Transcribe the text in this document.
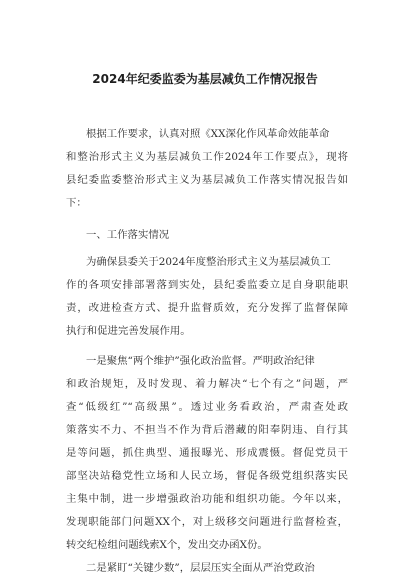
2024年纪委监委为基层减负工作情况报告
根据工作要求，认真对照《XX深化作风革命效能革命
和整治形式主义为基层减负工作2024年工作要点》，现将
县纪委监委整治形式主义为基层减负工作落实情况报告如
下：
一、工作落实情况
为确保县委关于2024年度整治形式主义为基层减负工
作的各项安排部署落到实处，县纪委监委立足自身职能职
责，改进检查方式、提升监督质效，充分发挥了监督保障
执行和促进完善发展作用。
一是聚焦“两个维护”强化政治监督。严明政治纪律
和政治规矩，及时发现、着力解决“七个有之”问题，严
查“低级红”“高级黑”。透过业务看政治，严肃查处政
策落实不力、不担当不作为背后潜藏的阳奉阴违、自行其
是等问题，抓住典型、通报曝光、形成震慑。督促党员干
部坚决站稳党性立场和人民立场，督促各级党组织落实民
主集中制，进一步增强政治功能和组织功能。今年以来，
发现职能部门问题XX个，对上级移交问题进行监督检查，
转交纪检组问题线索X个，发出交办函X份。
二是紧盯“关键少数”，层层压实全面从严治党政治
